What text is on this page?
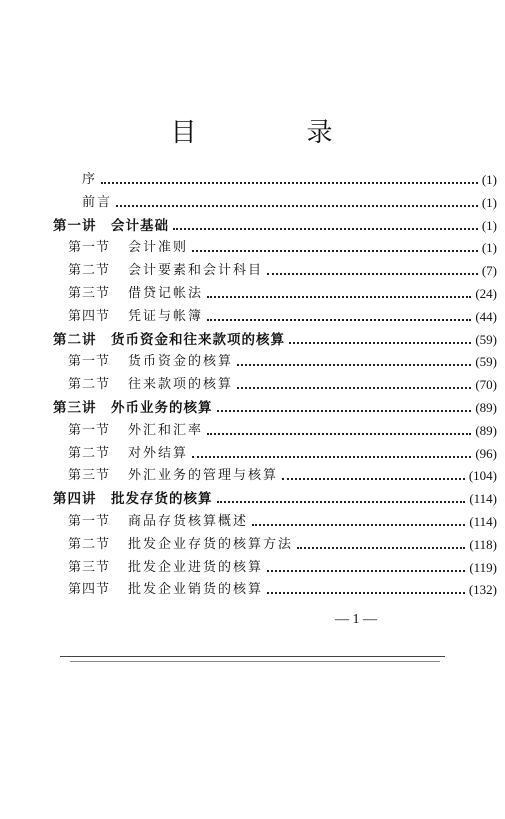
目　录
序	(1)
前言	(1)
第一讲	会计基础	(1)
第一节	会计准则	(1)
第二节	会计要素和会计科目	(7)
第三节	借贷记帐法	(24)
第四节	凭证与帐簿	(44)
第二讲	货币资金和往来款项的核算	(59)
第一节	货币资金的核算	(59)
第二节	往来款项的核算	(70)
第三讲	外币业务的核算	(89)
第一节	外汇和汇率	(89)
第二节	对外结算	(96)
第三节	外汇业务的管理与核算	(104)
第四讲	批发存货的核算	(114)
第一节	商品存货核算概述	(114)
第二节	批发企业存货的核算方法	(118)
第三节	批发企业进货的核算	(119)
第四节	批发企业销货的核算	(132)
— 1 —
